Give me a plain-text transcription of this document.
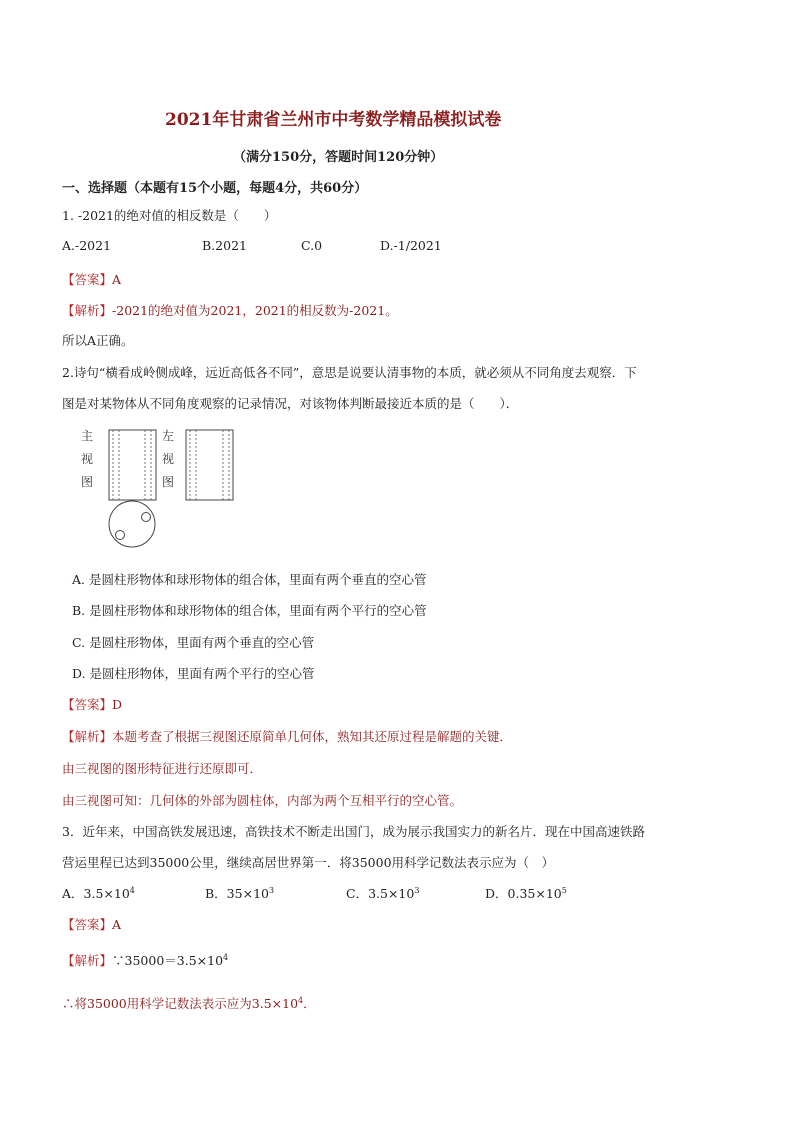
2021年甘肃省兰州市中考数学精品模拟试卷
（满分150分，答题时间120分钟）
一、选择题（本题有15个小题，每题4分，共60分）
1. -2021的绝对值的相反数是（　　）
A.-2021	B.2021	C.0	D.-1/2021
【答案】A
【解析】-2021的绝对值为2021，2021的相反数为-2021。
所以A正确。
2.诗句“横看成岭侧成峰，远近高低各不同”，意思是说要认清事物的本质，就必须从不同角度去观察．下
图是对某物体从不同角度观察的记录情况，对该物体判断最接近本质的是（　　）．
主
视
图
左
视
图
A. 是圆柱形物体和球形物体的组合体，里面有两个垂直的空心管
B. 是圆柱形物体和球形物体的组合体，里面有两个平行的空心管
C. 是圆柱形物体，里面有两个垂直的空心管
D. 是圆柱形物体，里面有两个平行的空心管
【答案】D
【解析】本题考查了根据三视图还原简单几何体，熟知其还原过程是解题的关键．
由三视图的图形特征进行还原即可．
由三视图可知：几何体的外部为圆柱体，内部为两个互相平行的空心管。
3．近年来，中国高铁发展迅速，高铁技术不断走出国门，成为展示我国实力的新名片．现在中国高速铁路
营运里程已达到35000公里，继续高居世界第一．将35000用科学记数法表示应为（　）
A．$3.5\times 10^4$	B．$35\times 10^3$	C．$3.5\times 10^3$	D．$0.35\times 10^5$
【答案】A
【解析】$\because 35000=3.5\times 10^4$
∴将35000用科学记数法表示应为$3.5\times 10^4$．
